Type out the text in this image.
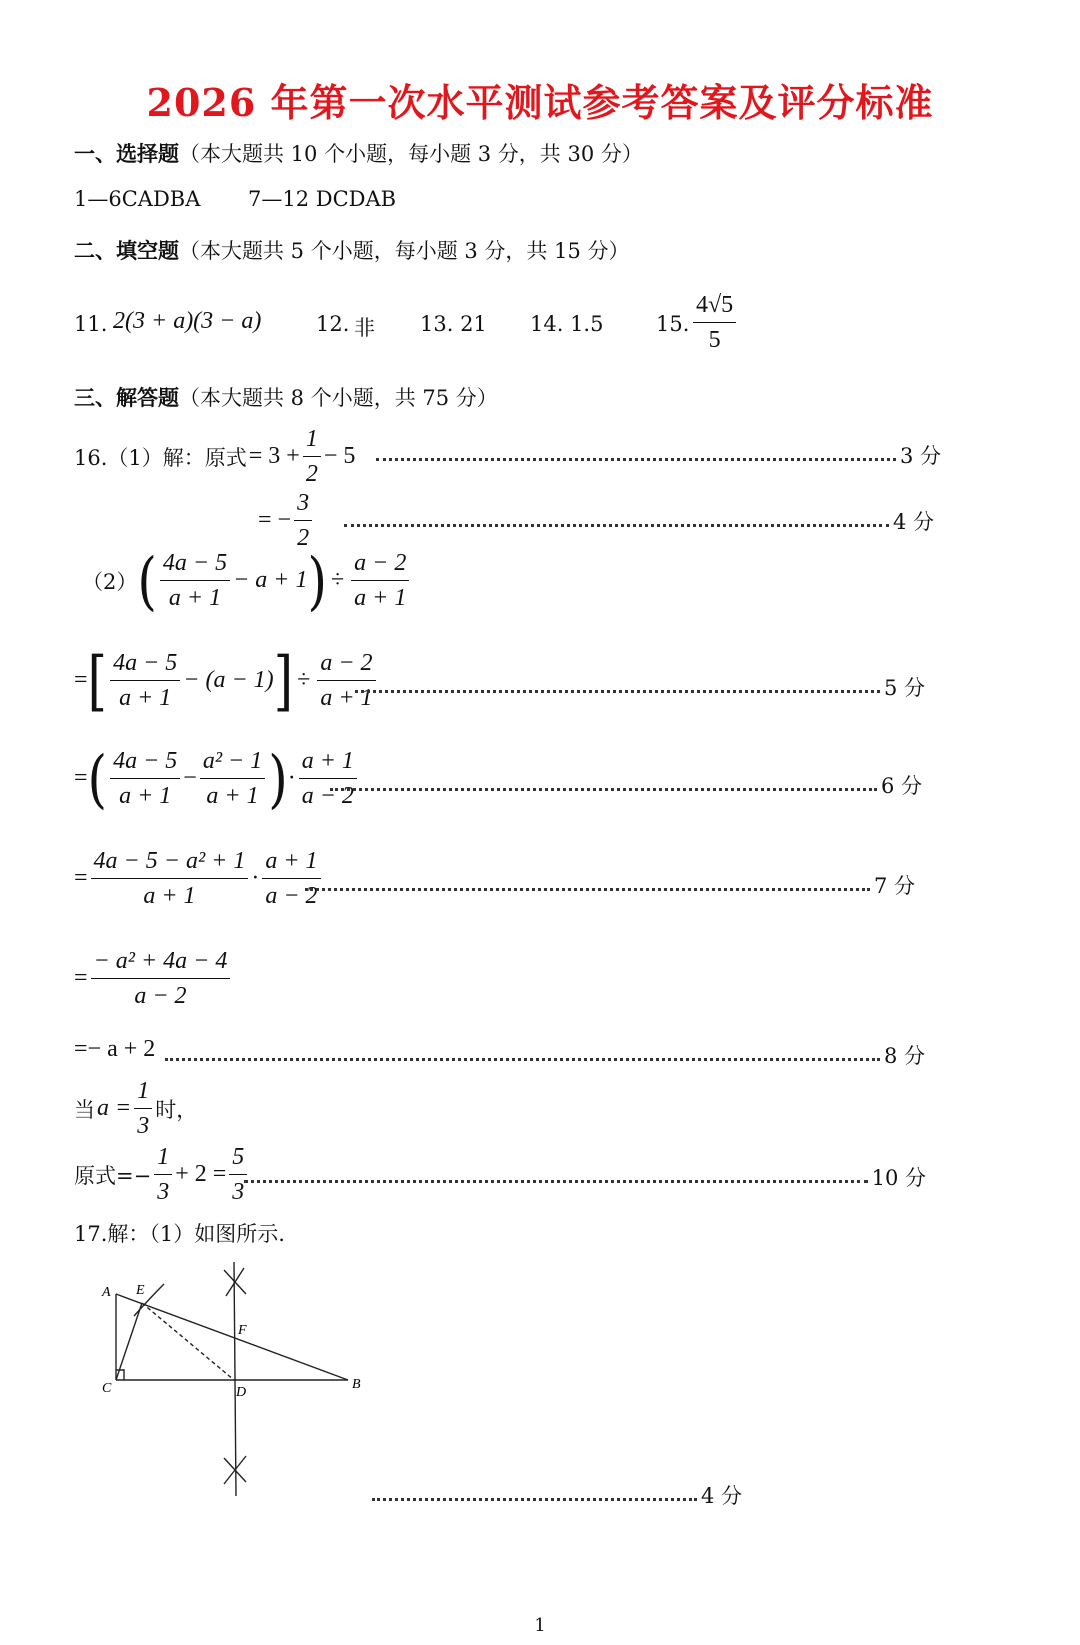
2026 年第一次水平测试参考答案及评分标准
一、选择题（本大题共 10 个小题，每小题 3 分，共 30 分）
1—6CADBA 7—12 DCDAB
二、填空题（本大题共 5 个小题，每小题 3 分，共 15 分）
11. 2(3 + a)(3 − a)	12. 非 13. 21 14. 1.5	15. $\frac{4√5}{5}$
三、解答题（本大题共 8 个小题，共 75 分）
16.（1）解：原式 = $3 + \frac{1}{2} - 5$	3 分
= − $\frac{3}{2}$	4 分
（2） ( $\frac{4a - 5}{a + 1} - a + 1$ ) ÷ $\frac{a - 2}{a + 1}$
= [ $\frac{4a - 5}{a + 1} - (a - 1)$ ] ÷ $\frac{a - 2}{a + 1}$	5 分
= ( $\frac{4a - 5}{a + 1} - \frac{\text{a² − 1}}{a + 1}$ ) · $\frac{a + 1}{a - 2}$	6 分
= $\frac{\text{4a − 5 − a² + 1}}{a + 1} \cdot \frac{a + 1}{a - 2}$	7 分
= $\frac{\text{− a² + 4a − 4}}{a - 2}$
=− a + 2	8 分
当 $a = \frac{1}{3}$ 时，
原式=− $\frac{1}{3} + 2 = \frac{5}{3}$	10 分
17.解：（1）如图所示.
A E
F
C	D
B
4 分
1
